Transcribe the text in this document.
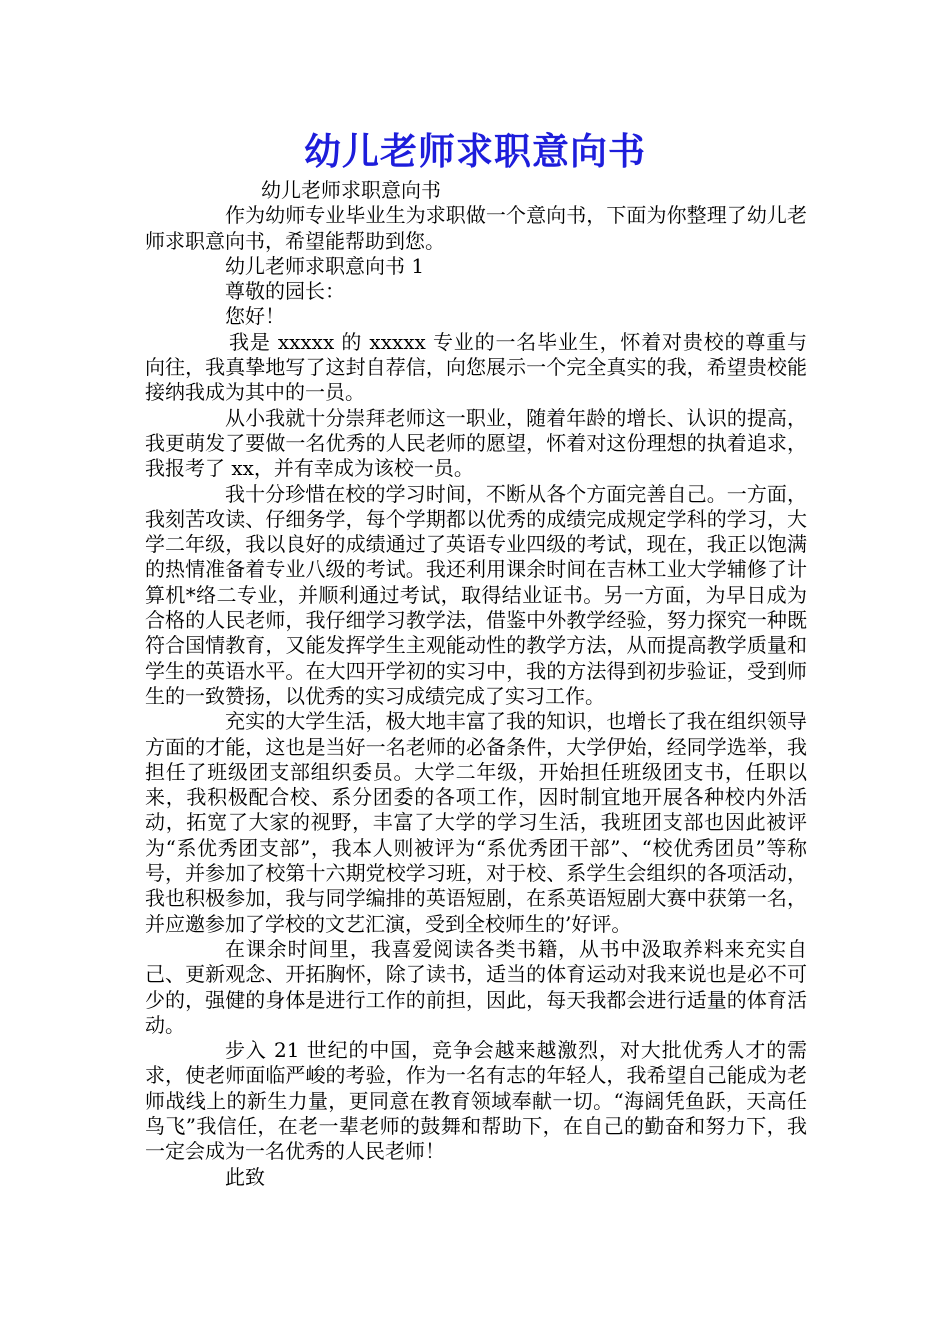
幼儿老师求职意向书

幼儿老师求职意向书

作为幼师专业毕业生为求职做一个意向书，下面为你整理了幼儿老师求职意向书，希望能帮助到您。

幼儿老师求职意向书 1

尊敬的园长：

您好！

我是 xxxxx 的 xxxxx 专业的一名毕业生，怀着对贵校的尊重与向往，我真挚地写了这封自荐信，向您展示一个完全真实的我，希望贵校能接纳我成为其中的一员。

从小我就十分崇拜老师这一职业，随着年龄的增长、认识的提高，我更萌发了要做一名优秀的人民老师的愿望，怀着对这份理想的执着追求，我报考了 xx，并有幸成为该校一员。

我十分珍惜在校的学习时间，不断从各个方面完善自己。一方面，我刻苦攻读、仔细务学，每个学期都以优秀的成绩完成规定学科的学习，大学二年级，我以良好的成绩通过了英语专业四级的考试，现在，我正以饱满的热情准备着专业八级的考试。我还利用课余时间在吉林工业大学辅修了计算机*络二专业，并顺利通过考试，取得结业证书。另一方面，为早日成为合格的人民老师，我仔细学习教学法，借鉴中外教学经验，努力探究一种既符合国情教育，又能发挥学生主观能动性的教学方法，从而提高教学质量和学生的英语水平。在大四开学初的实习中，我的方法得到初步验证，受到师生的一致赞扬，以优秀的实习成绩完成了实习工作。

充实的大学生活，极大地丰富了我的知识，也增长了我在组织领导方面的才能，这也是当好一名老师的必备条件，大学伊始，经同学选举，我担任了班级团支部组织委员。大学二年级，开始担任班级团支书，任职以来，我积极配合校、系分团委的各项工作，因时制宜地开展各种校内外活动，拓宽了大家的视野，丰富了大学的学习生活，我班团支部也因此被评为“系优秀团支部”，我本人则被评为“系优秀团干部”、“校优秀团员”等称号，并参加了校第十六期党校学习班，对于校、系学生会组织的各项活动，我也积极参加，我与同学编排的英语短剧，在系英语短剧大赛中获第一名，并应邀参加了学校的文艺汇演，受到全校师生的’好评。

在课余时间里，我喜爱阅读各类书籍，从书中汲取养料来充实自己、更新观念、开拓胸怀，除了读书，适当的体育运动对我来说也是必不可少的，强健的身体是进行工作的前担，因此，每天我都会进行适量的体育活动。

步入 21 世纪的中国，竞争会越来越激烈，对大批优秀人才的需求，使老师面临严峻的考验，作为一名有志的年轻人，我希望自己能成为老师战线上的新生力量，更同意在教育领域奉献一切。“海阔凭鱼跃，天高任鸟飞”我信任，在老一辈老师的鼓舞和帮助下，在自己的勤奋和努力下，我一定会成为一名优秀的人民老师！

此致
